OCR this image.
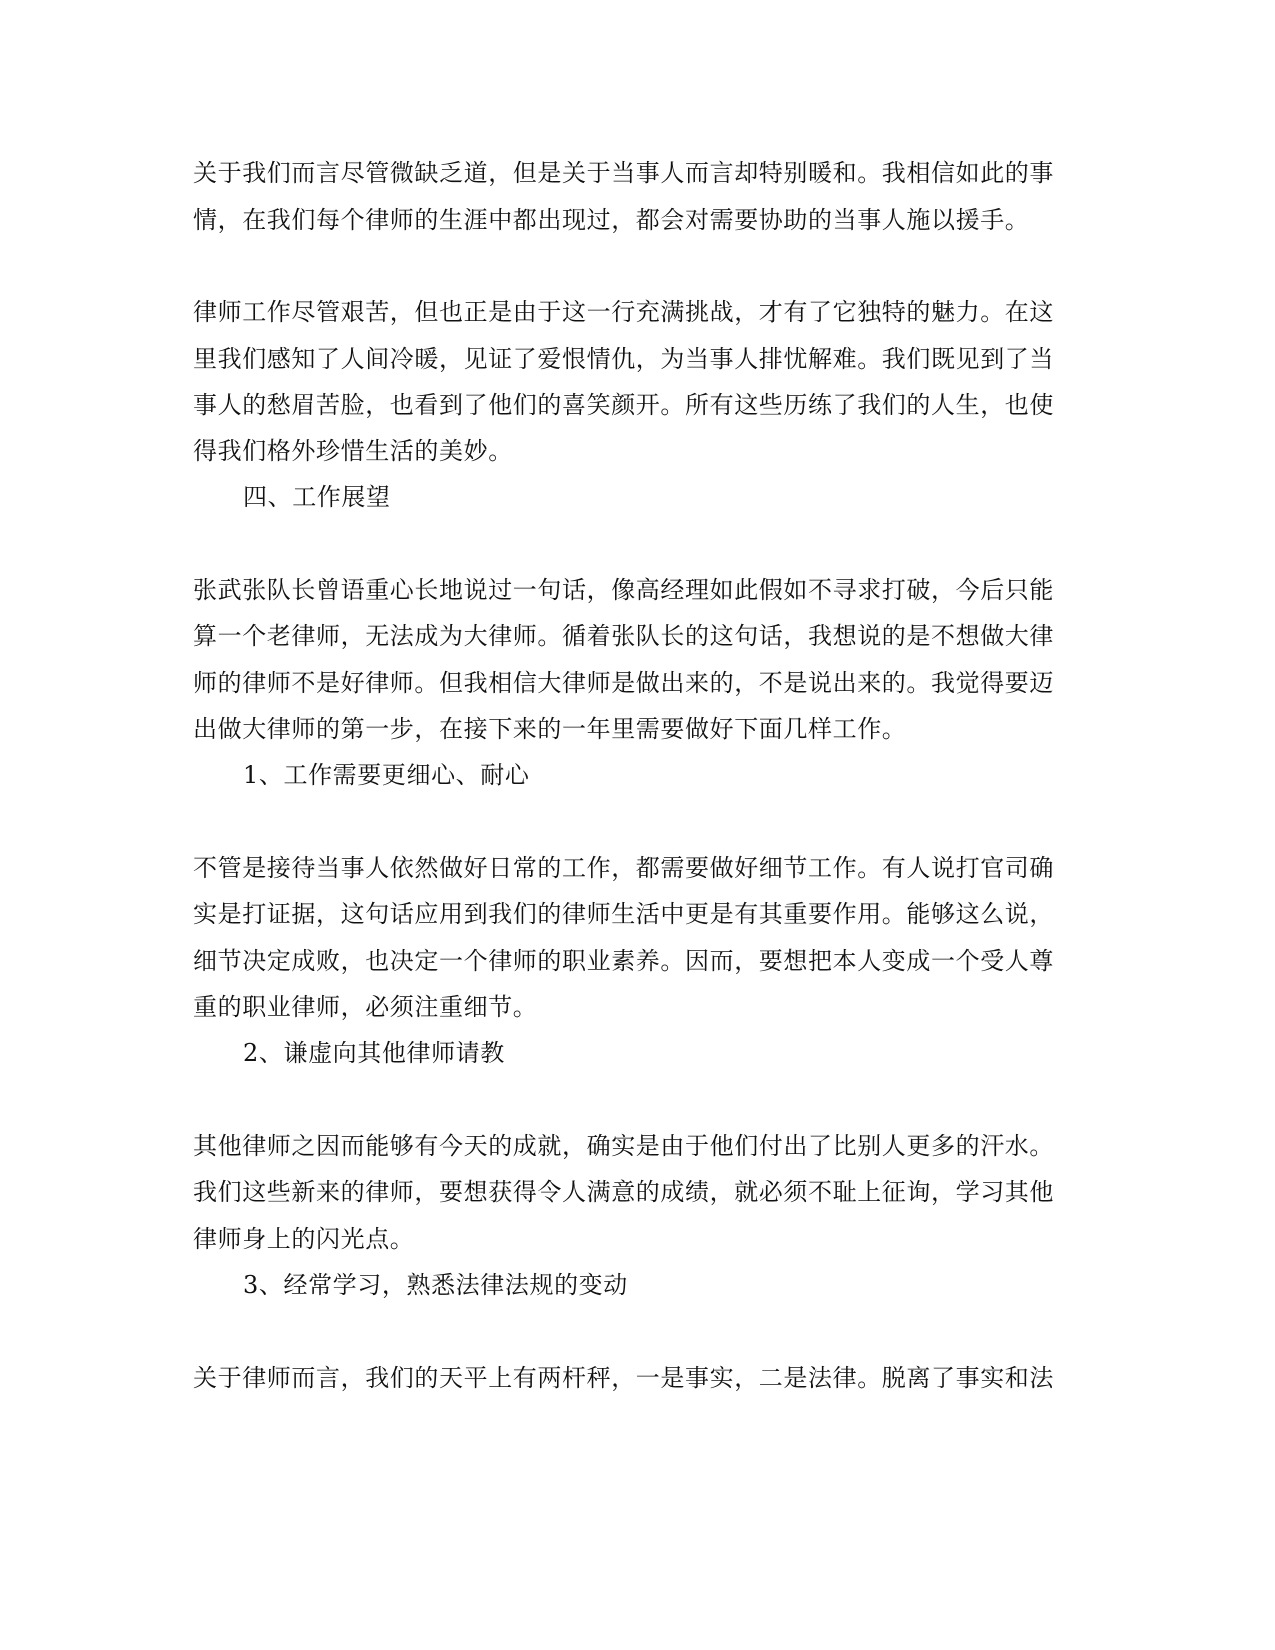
关于我们而言尽管微缺乏道，但是关于当事人而言却特别暖和。我相信如此的事
情，在我们每个律师的生涯中都出现过，都会对需要协助的当事人施以援手。
律师工作尽管艰苦，但也正是由于这一行充满挑战，才有了它独特的魅力。在这
里我们感知了人间冷暖，见证了爱恨情仇，为当事人排忧解难。我们既见到了当
事人的愁眉苦脸，也看到了他们的喜笑颜开。所有这些历练了我们的人生，也使
得我们格外珍惜生活的美妙。
四、工作展望
张武张队长曾语重心长地说过一句话，像高经理如此假如不寻求打破，今后只能
算一个老律师，无法成为大律师。循着张队长的这句话，我想说的是不想做大律
师的律师不是好律师。但我相信大律师是做出来的，不是说出来的。我觉得要迈
出做大律师的第一步，在接下来的一年里需要做好下面几样工作。
1、工作需要更细心、耐心
不管是接待当事人依然做好日常的工作，都需要做好细节工作。有人说打官司确
实是打证据，这句话应用到我们的律师生活中更是有其重要作用。能够这么说，
细节决定成败，也决定一个律师的职业素养。因而，要想把本人变成一个受人尊
重的职业律师，必须注重细节。
2、谦虚向其他律师请教
其他律师之因而能够有今天的成就，确实是由于他们付出了比别人更多的汗水。
我们这些新来的律师，要想获得令人满意的成绩，就必须不耻上征询，学习其他
律师身上的闪光点。
3、经常学习，熟悉法律法规的变动
关于律师而言，我们的天平上有两杆秤，一是事实，二是法律。脱离了事实和法
